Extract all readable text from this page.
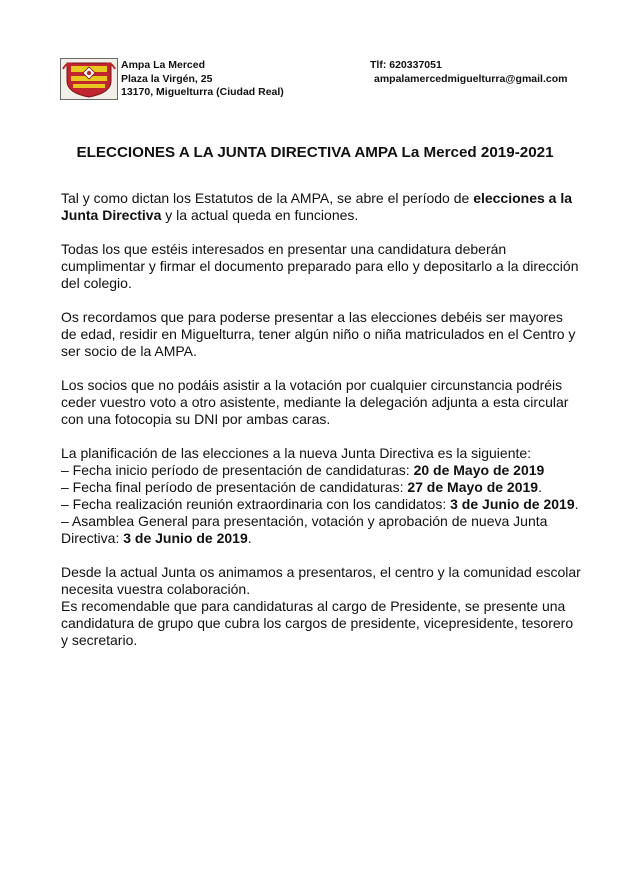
Ampa La Merced
Plaza la Virgén, 25
13170, Miguelturra (Ciudad Real)
Tlf: 620337051
ampalamercedmiguelturra@gmail.com
ELECCIONES A LA JUNTA DIRECTIVA AMPA La Merced 2019-2021

Tal y como dictan los Estatutos de la AMPA, se abre el período de elecciones a la Junta Directiva y la actual queda en funciones.

Todas los que estéis interesados en presentar una candidatura deberán cumplimentar y firmar el documento preparado para ello y depositarlo a la dirección del colegio.

Os recordamos que para poderse presentar a las elecciones debéis ser mayores de edad, residir en Miguelturra, tener algún niño o niña matriculados en el Centro y ser socio de la AMPA.

Los socios que no podáis asistir a la votación por cualquier circunstancia podréis ceder vuestro voto a otro asistente, mediante la delegación adjunta a esta circular con una fotocopia su DNI por ambas caras.

La planificación de las elecciones a la nueva Junta Directiva es la siguiente:
– Fecha inicio período de presentación de candidaturas: 20 de Mayo de 2019
– Fecha final período de presentación de candidaturas: 27 de Mayo de 2019.
– Fecha realización reunión extraordinaria con los candidatos: 3 de Junio de 2019.
– Asamblea General para presentación, votación y aprobación de nueva Junta Directiva: 3 de Junio de 2019.

Desde la actual Junta os animamos a presentaros, el centro y la comunidad escolar necesita vuestra colaboración.
Es recomendable que para candidaturas al cargo de Presidente, se presente una candidatura de grupo que cubra los cargos de presidente, vicepresidente, tesorero y secretario.
